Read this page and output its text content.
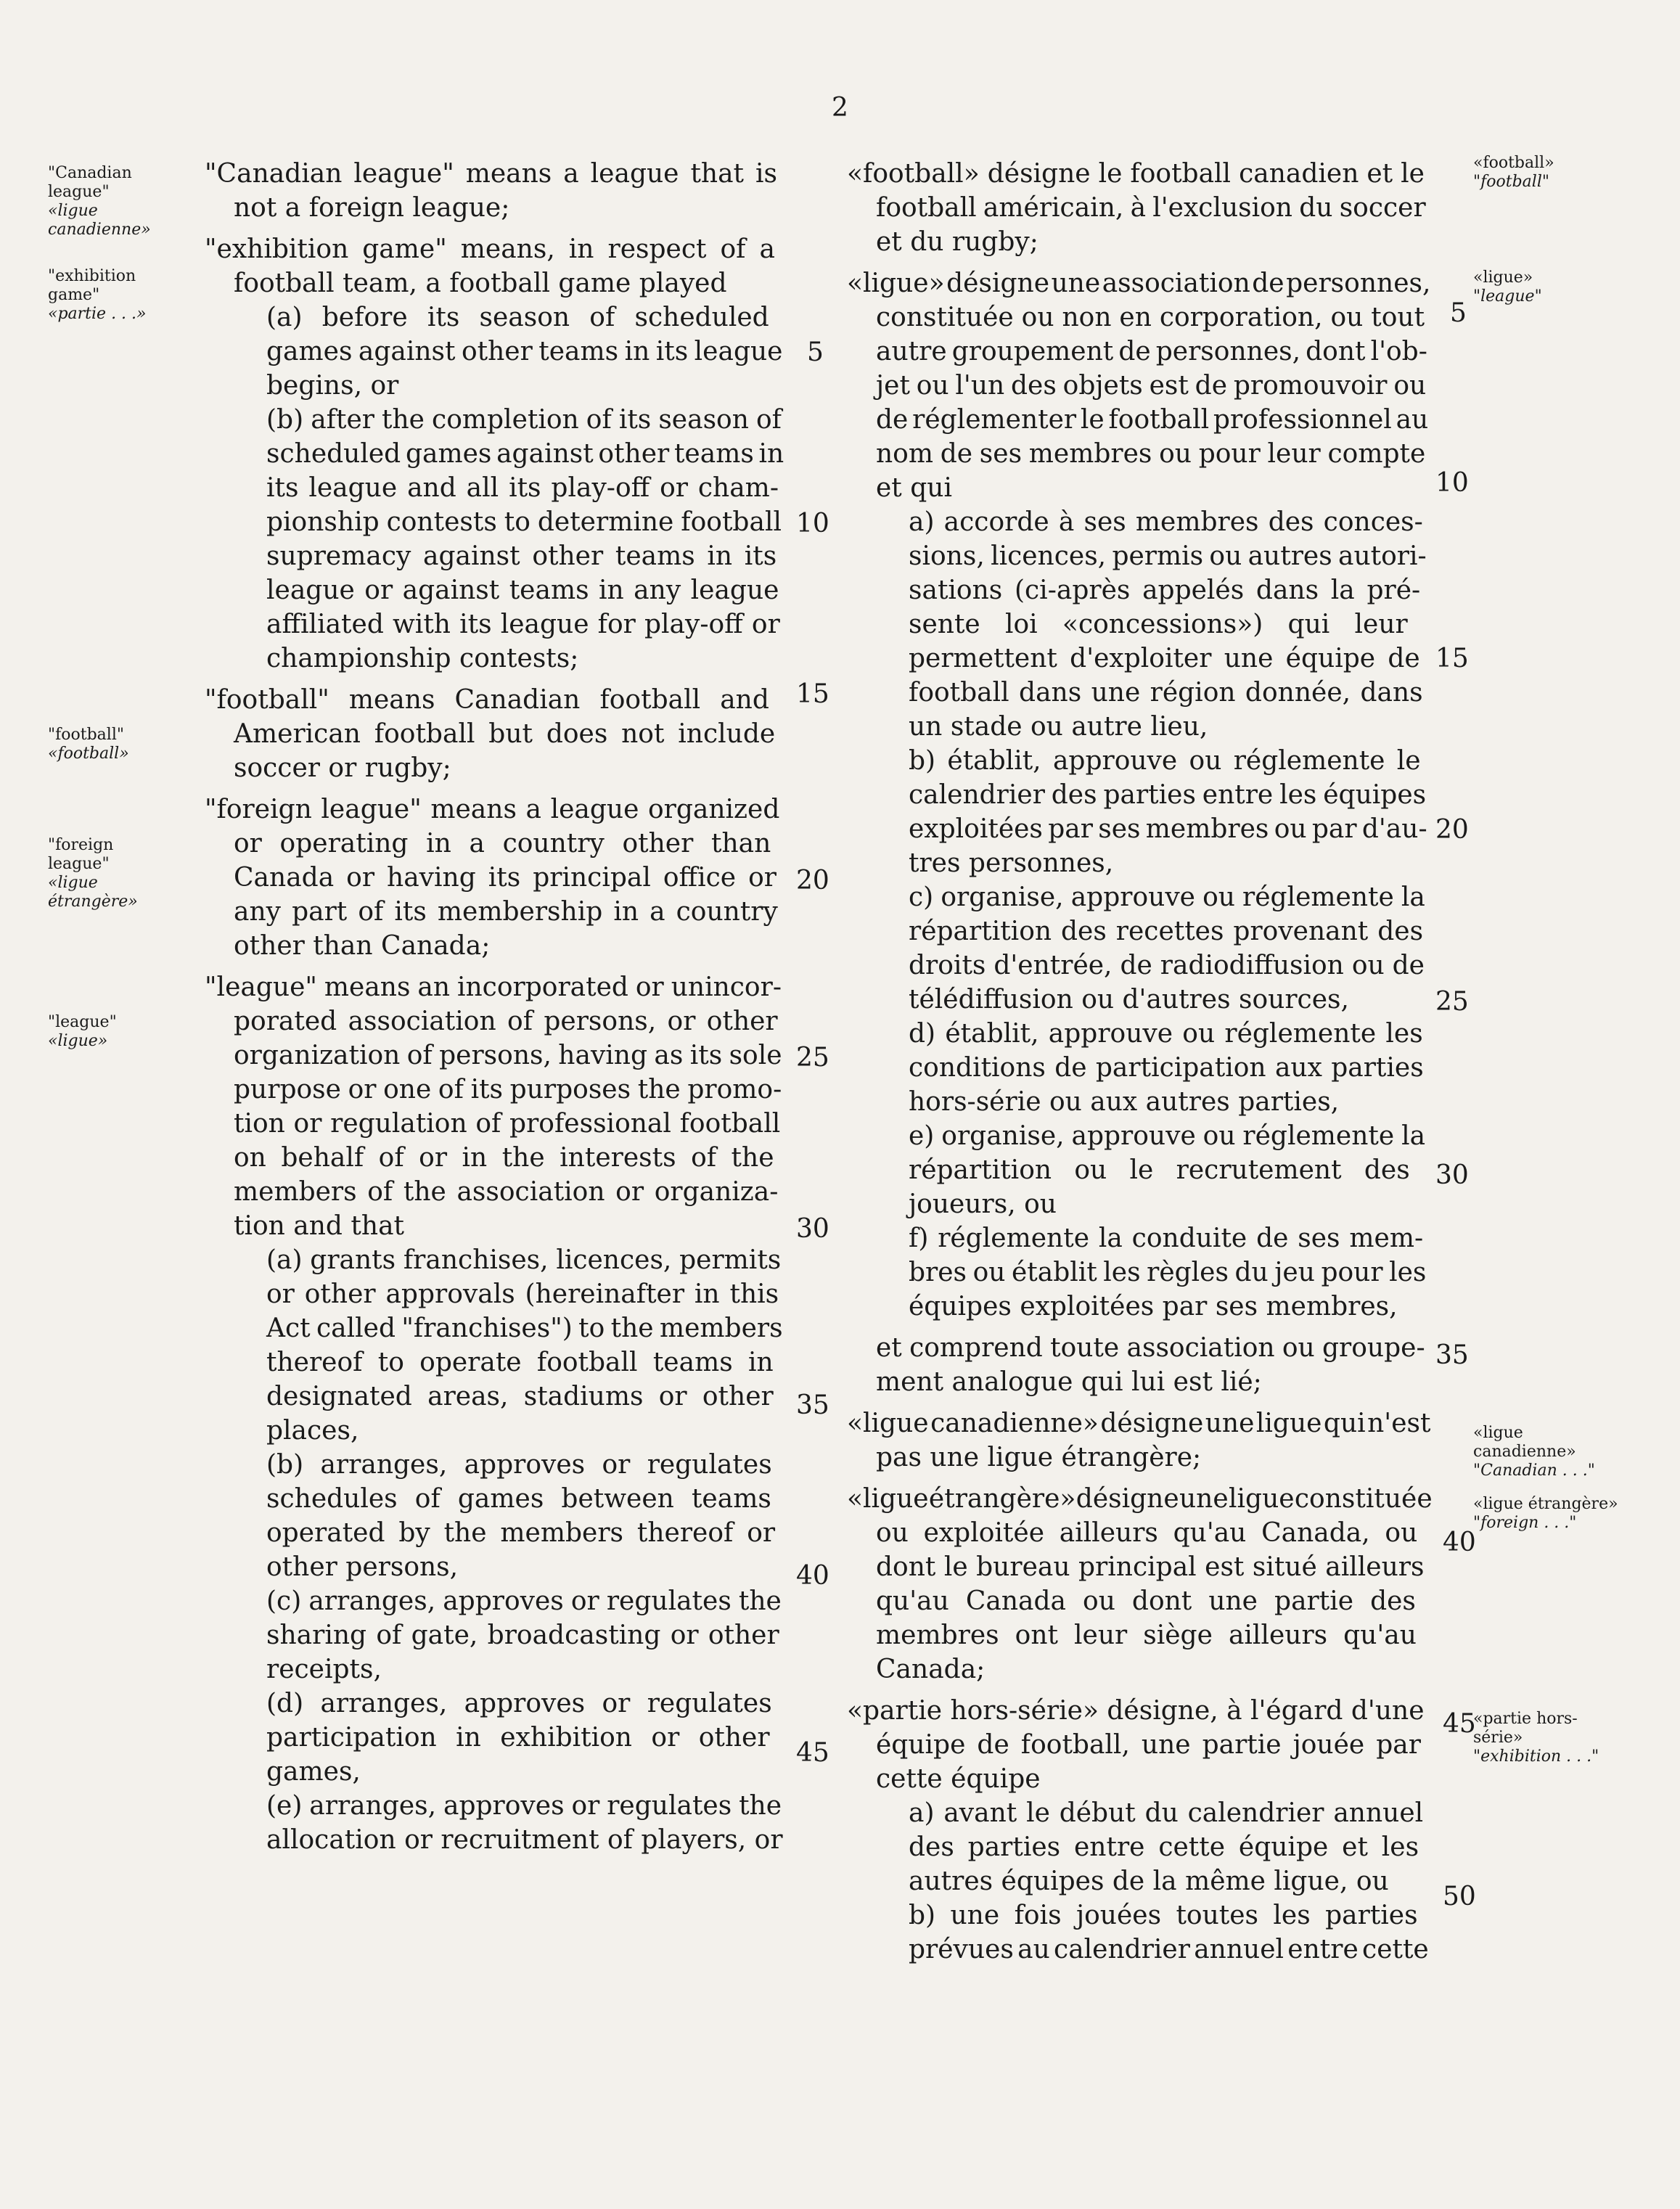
2
"Canadian league"
«ligue canadienne»
"exhibition game"
«partie . . .»
"football"
«football»
"foreign league"
«ligue étrangère»
"league"
«ligue»
«football»
"football"
«ligue»
"league"
«ligue canadienne»
"Canadian . . ."
«ligue étrangère»
"foreign . . ."
«partie hors-série»
"exhibition . . ."
"Canadian league" means a league that is
not a foreign league;
"exhibition game" means, in respect of a
football team, a football game played
(a) before its season of scheduled
games against other teams in its league
begins, or
(b) after the completion of its season of
scheduled games against other teams in
its league and all its play-off or cham-
pionship contests to determine football
supremacy against other teams in its
league or against teams in any league
affiliated with its league for play-off or
championship contests;
"football" means Canadian football and
American football but does not include
soccer or rugby;
"foreign league" means a league organized
or operating in a country other than
Canada or having its principal office or
any part of its membership in a country
other than Canada;
"league" means an incorporated or unincor-
porated association of persons, or other
organization of persons, having as its sole
purpose or one of its purposes the promo-
tion or regulation of professional football
on behalf of or in the interests of the
members of the association or organiza-
tion and that
(a) grants franchises, licences, permits
or other approvals (hereinafter in this
Act called "franchises") to the members
thereof to operate football teams in
designated areas, stadiums or other
places,
(b) arranges, approves or regulates
schedules of games between teams
operated by the members thereof or
other persons,
(c) arranges, approves or regulates the
sharing of gate, broadcasting or other
receipts,
(d) arranges, approves or regulates
participation in exhibition or other
games,
(e) arranges, approves or regulates the
allocation or recruitment of players, or
5
10
15
20
25
30
35
40
45
«football» désigne le football canadien et le
football américain, à l'exclusion du soccer
et du rugby;
«ligue» désigne une association de personnes,
constituée ou non en corporation, ou tout
autre groupement de personnes, dont l'ob-
jet ou l'un des objets est de promouvoir ou
de réglementer le football professionnel au
nom de ses membres ou pour leur compte
et qui
a) accorde à ses membres des conces-
sions, licences, permis ou autres autori-
sations (ci-après appelés dans la pré-
sente loi «concessions») qui leur
permettent d'exploiter une équipe de
football dans une région donnée, dans
un stade ou autre lieu,
b) établit, approuve ou réglemente le
calendrier des parties entre les équipes
exploitées par ses membres ou par d'au-
tres personnes,
c) organise, approuve ou réglemente la
répartition des recettes provenant des
droits d'entrée, de radiodiffusion ou de
télédiffusion ou d'autres sources,
d) établit, approuve ou réglemente les
conditions de participation aux parties
hors-série ou aux autres parties,
e) organise, approuve ou réglemente la
répartition ou le recrutement des
joueurs, ou
f) réglemente la conduite de ses mem-
bres ou établit les règles du jeu pour les
équipes exploitées par ses membres,
et comprend toute association ou groupe-
ment analogue qui lui est lié;
«ligue canadienne» désigne une ligue qui n'est
pas une ligue étrangère;
«ligue étrangère» désigne une ligue constituée
ou exploitée ailleurs qu'au Canada, ou
dont le bureau principal est situé ailleurs
qu'au Canada ou dont une partie des
membres ont leur siège ailleurs qu'au
Canada;
«partie hors-série» désigne, à l'égard d'une
équipe de football, une partie jouée par
cette équipe
a) avant le début du calendrier annuel
des parties entre cette équipe et les
autres équipes de la même ligue, ou
b) une fois jouées toutes les parties
prévues au calendrier annuel entre cette
5
10
15
20
25
30
35
40
45
50
